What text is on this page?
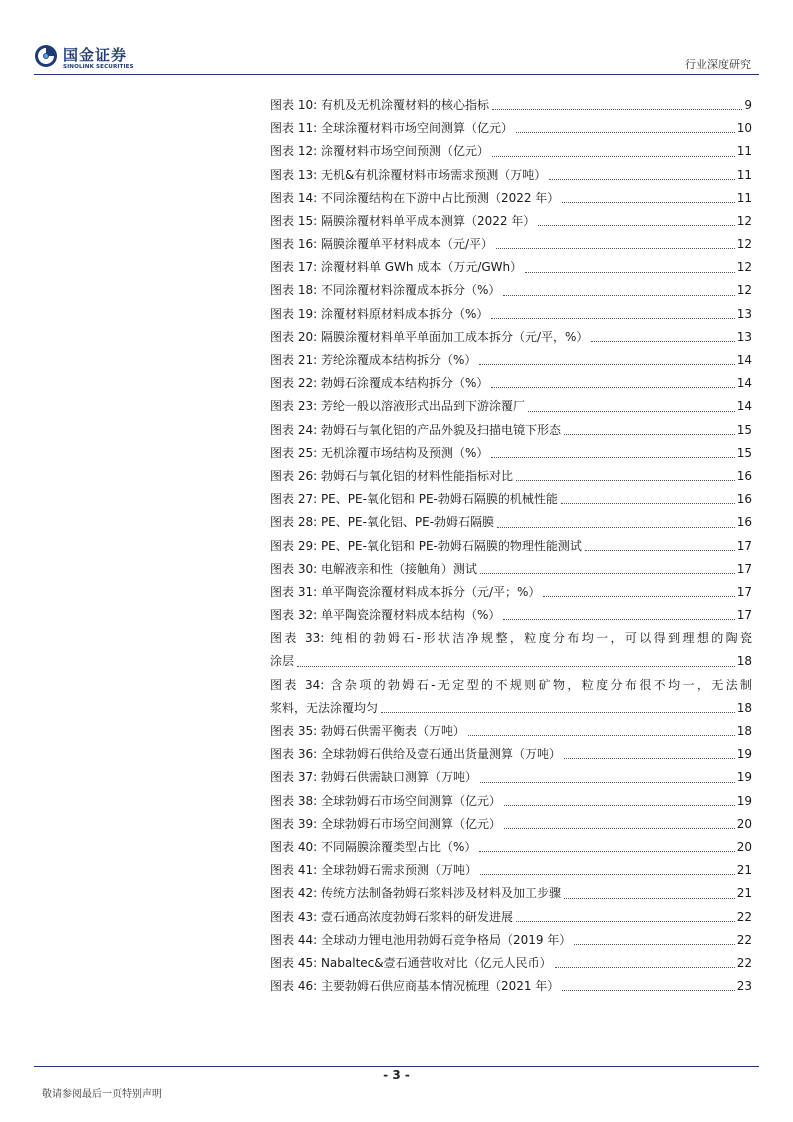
国金证券
SINOLINK SECURITIES	行业深度研究
图表 10: 有机及无机涂覆材料的核心指标	9
图表 11: 全球涂覆材料市场空间测算（亿元）	10
图表 12: 涂覆材料市场空间预测（亿元）	11
图表 13: 无机&有机涂覆材料市场需求预测（万吨）	11
图表 14: 不同涂覆结构在下游中占比预测（2022 年）	11
图表 15: 隔膜涂覆材料单平成本测算（2022 年）	12
图表 16: 隔膜涂覆单平材料成本（元/平）	12
图表 17: 涂覆材料单 GWh 成本（万元/GWh）	12
图表 18: 不同涂覆材料涂覆成本拆分（%）	12
图表 19: 涂覆材料原材料成本拆分（%）	13
图表 20: 隔膜涂覆材料单平单面加工成本拆分（元/平，%）	13
图表 21: 芳纶涂覆成本结构拆分（%）	14
图表 22: 勃姆石涂覆成本结构拆分（%）	14
图表 23: 芳纶一般以溶液形式出品到下游涂覆厂	14
图表 24: 勃姆石与氧化铝的产品外貌及扫描电镜下形态	15
图表 25: 无机涂覆市场结构及预测（%）	15
图表 26: 勃姆石与氧化铝的材料性能指标对比	16
图表 27: PE、PE-氧化铝和 PE-勃姆石隔膜的机械性能	16
图表 28: PE、PE-氧化铝、PE-勃姆石隔膜	16
图表 29: PE、PE-氧化铝和 PE-勃姆石隔膜的物理性能测试	17
图表 30: 电解液亲和性（接触角）测试	17
图表 31: 单平陶瓷涂覆材料成本拆分（元/平；%）	17
图表 32: 单平陶瓷涂覆材料成本结构（%）	17
图表 33: 纯相的勃姆石-形状洁净规整，粒度分布均一，可以得到理想的陶瓷
涂层	18
图表 34: 含杂项的勃姆石-无定型的不规则矿物，粒度分布很不均一，无法制
浆料，无法涂覆均匀	18
图表 35: 勃姆石供需平衡表（万吨）	18
图表 36: 全球勃姆石供给及壹石通出货量测算（万吨）	19
图表 37: 勃姆石供需缺口测算（万吨）	19
图表 38: 全球勃姆石市场空间测算（亿元）	19
图表 39: 全球勃姆石市场空间测算（亿元）	20
图表 40: 不同隔膜涂覆类型占比（%）	20
图表 41: 全球勃姆石需求预测（万吨）	21
图表 42: 传统方法制备勃姆石浆料涉及材料及加工步骤	21
图表 43: 壹石通高浓度勃姆石浆料的研发进展	22
图表 44: 全球动力锂电池用勃姆石竞争格局（2019 年）	22
图表 45: Nabaltec&壹石通营收对比（亿元人民币）	22
图表 46: 主要勃姆石供应商基本情况梳理（2021 年）	23
- 3 -
敬请参阅最后一页特别声明
